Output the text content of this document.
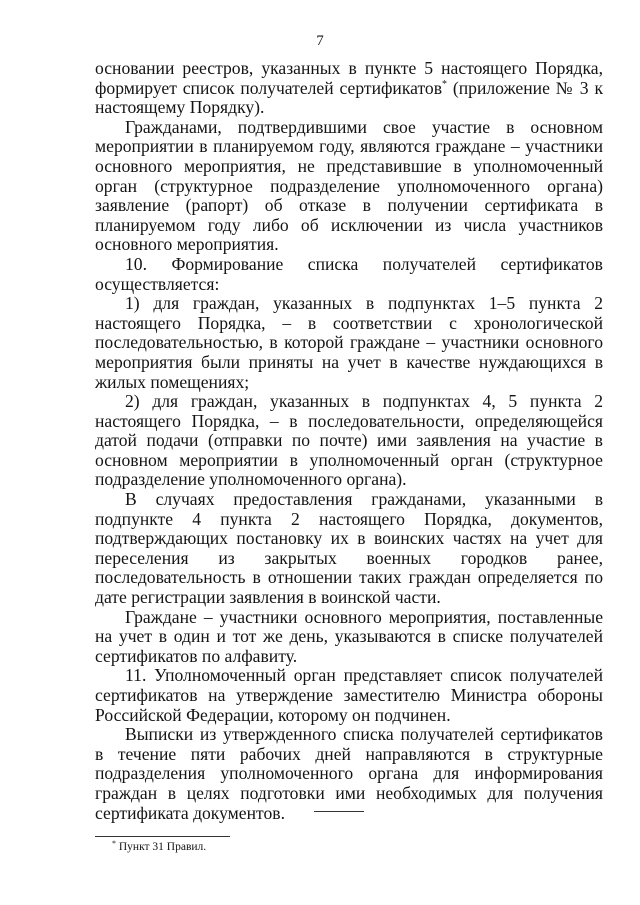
7

основании реестров, указанных в пункте 5 настоящего Порядка, формирует список получателей сертификатов* (приложение № 3 к настоящему Порядку).

Гражданами, подтвердившими свое участие в основном мероприятии в планируемом году, являются граждане – участники основного мероприятия, не представившие в уполномоченный орган (структурное подразделение уполномоченного органа) заявление (рапорт) об отказе в получении сертификата в планируемом году либо об исключении из числа участников основного мероприятия.

10. Формирование списка получателей сертификатов осуществляется:

1) для граждан, указанных в подпунктах 1–5 пункта 2 настоящего Порядка, – в соответствии с хронологической последовательностью, в которой граждане – участники основного мероприятия были приняты на учет в качестве нуждающихся в жилых помещениях;

2) для граждан, указанных в подпунктах 4, 5 пункта 2 настоящего Порядка, – в последовательности, определяющейся датой подачи (отправки по почте) ими заявления на участие в основном мероприятии в уполномоченный орган (структурное подразделение уполномоченного органа).

В случаях предоставления гражданами, указанными в подпункте 4 пункта 2 настоящего Порядка, документов, подтверждающих постановку их в воинских частях на учет для переселения из закрытых военных городков ранее, последовательность в отношении таких граждан определяется по дате регистрации заявления в воинской части.

Граждане – участники основного мероприятия, поставленные на учет в один и тот же день, указываются в списке получателей сертификатов по алфавиту.

11. Уполномоченный орган представляет список получателей сертификатов на утверждение заместителю Министра обороны Российской Федерации, которому он подчинен.

Выписки из утвержденного списка получателей сертификатов в течение пяти рабочих дней направляются в структурные подразделения уполномоченного органа для информирования граждан в целях подготовки ими необходимых для получения сертификата документов.

* Пункт 31 Правил.
